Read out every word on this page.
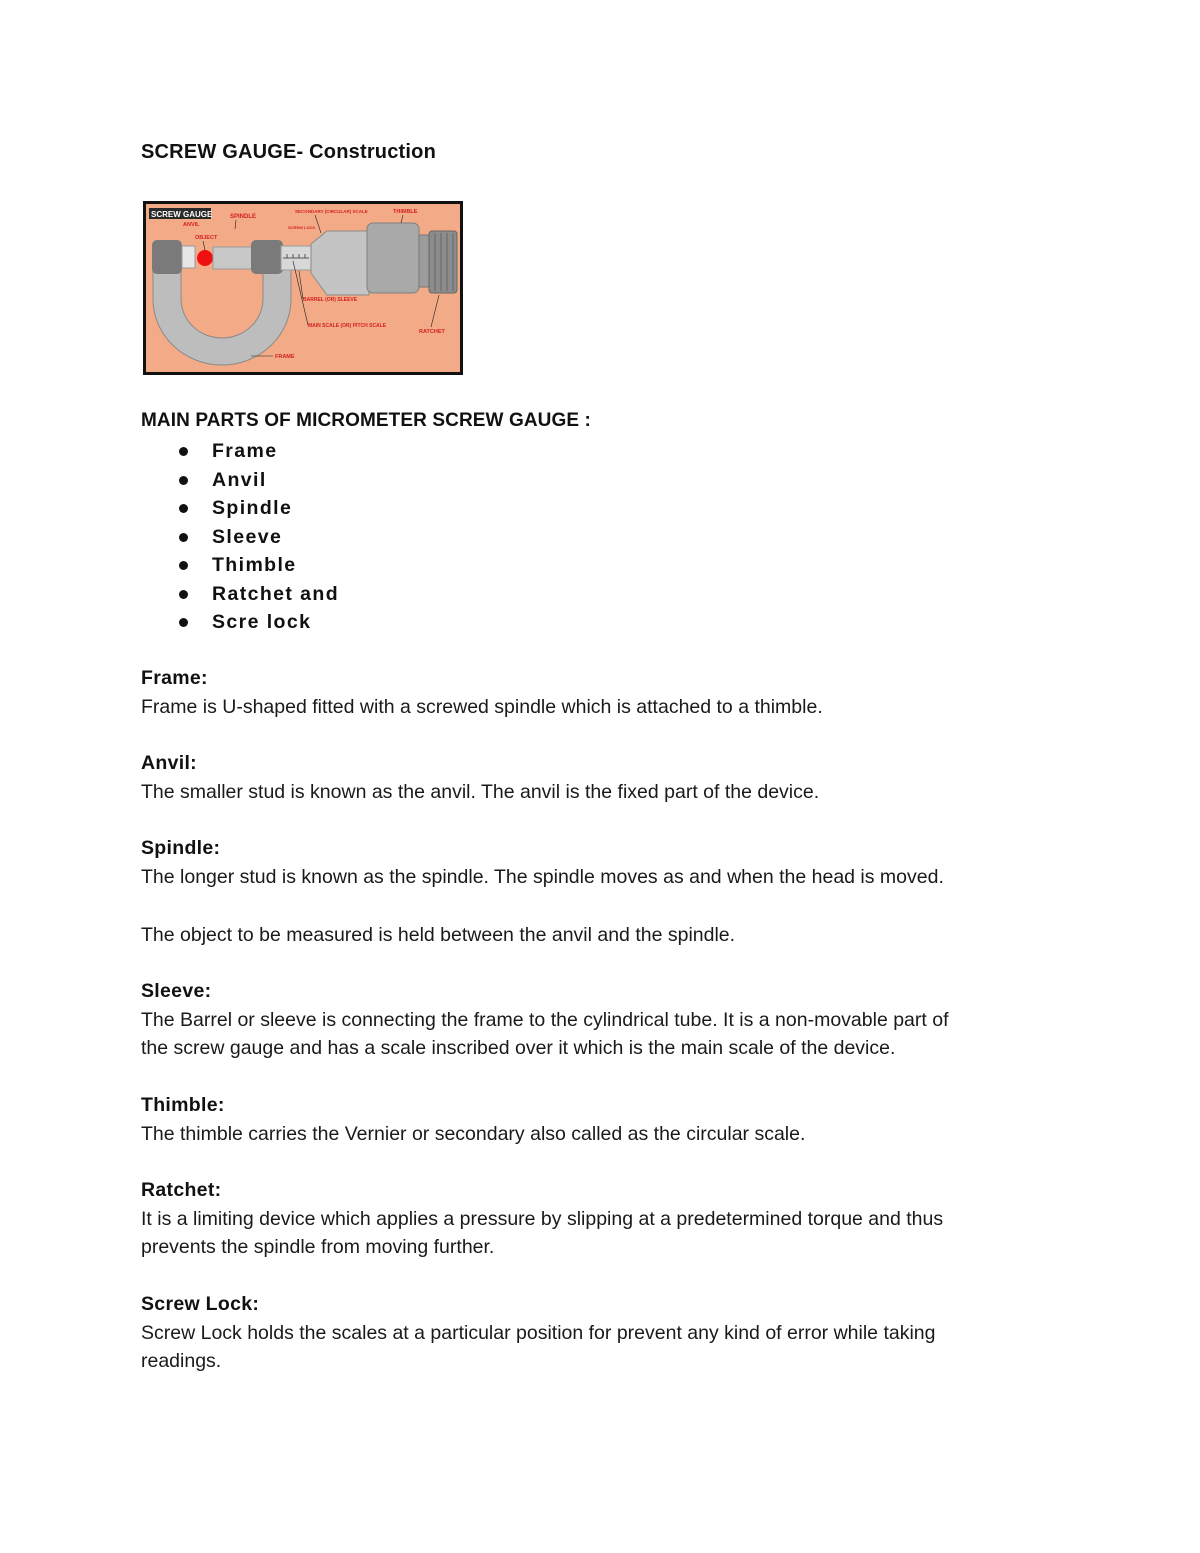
SCREW GAUGE- Construction
SCREW GAUGE
ANVIL
OBJECT
SPINDLE
SECONDARY (CIRCULAR) SCALE
SCREW LOCK
THIMBLE
BARREL (OR) SLEEVE
MAIN SCALE (OR) PITCH SCALE
RATCHET
FRAME
MAIN PARTS OF MICROMETER SCREW GAUGE :
Frame
Anvil
Spindle
Sleeve
Thimble
Ratchet and
Scre lock
Frame:

Frame is U-shaped fitted with a screwed spindle which is attached to a thimble.

Anvil:

The smaller stud is known as the anvil. The anvil is the fixed part of the device.

Spindle:

The longer stud is known as the spindle. The spindle moves as and when the head is moved.

The object to be measured is held between the anvil and the spindle.

Sleeve:

The Barrel or sleeve is connecting the frame to the cylindrical tube. It is a non-movable part of

the screw gauge and has a scale inscribed over it which is the main scale of the device.

Thimble:

The thimble carries the Vernier or secondary also called as the circular scale.

Ratchet:

It is a limiting device which applies a pressure by slipping at a predetermined torque and thus

prevents the spindle from moving further.

Screw Lock:

Screw Lock holds the scales at a particular position for prevent any kind of error while taking

readings.
